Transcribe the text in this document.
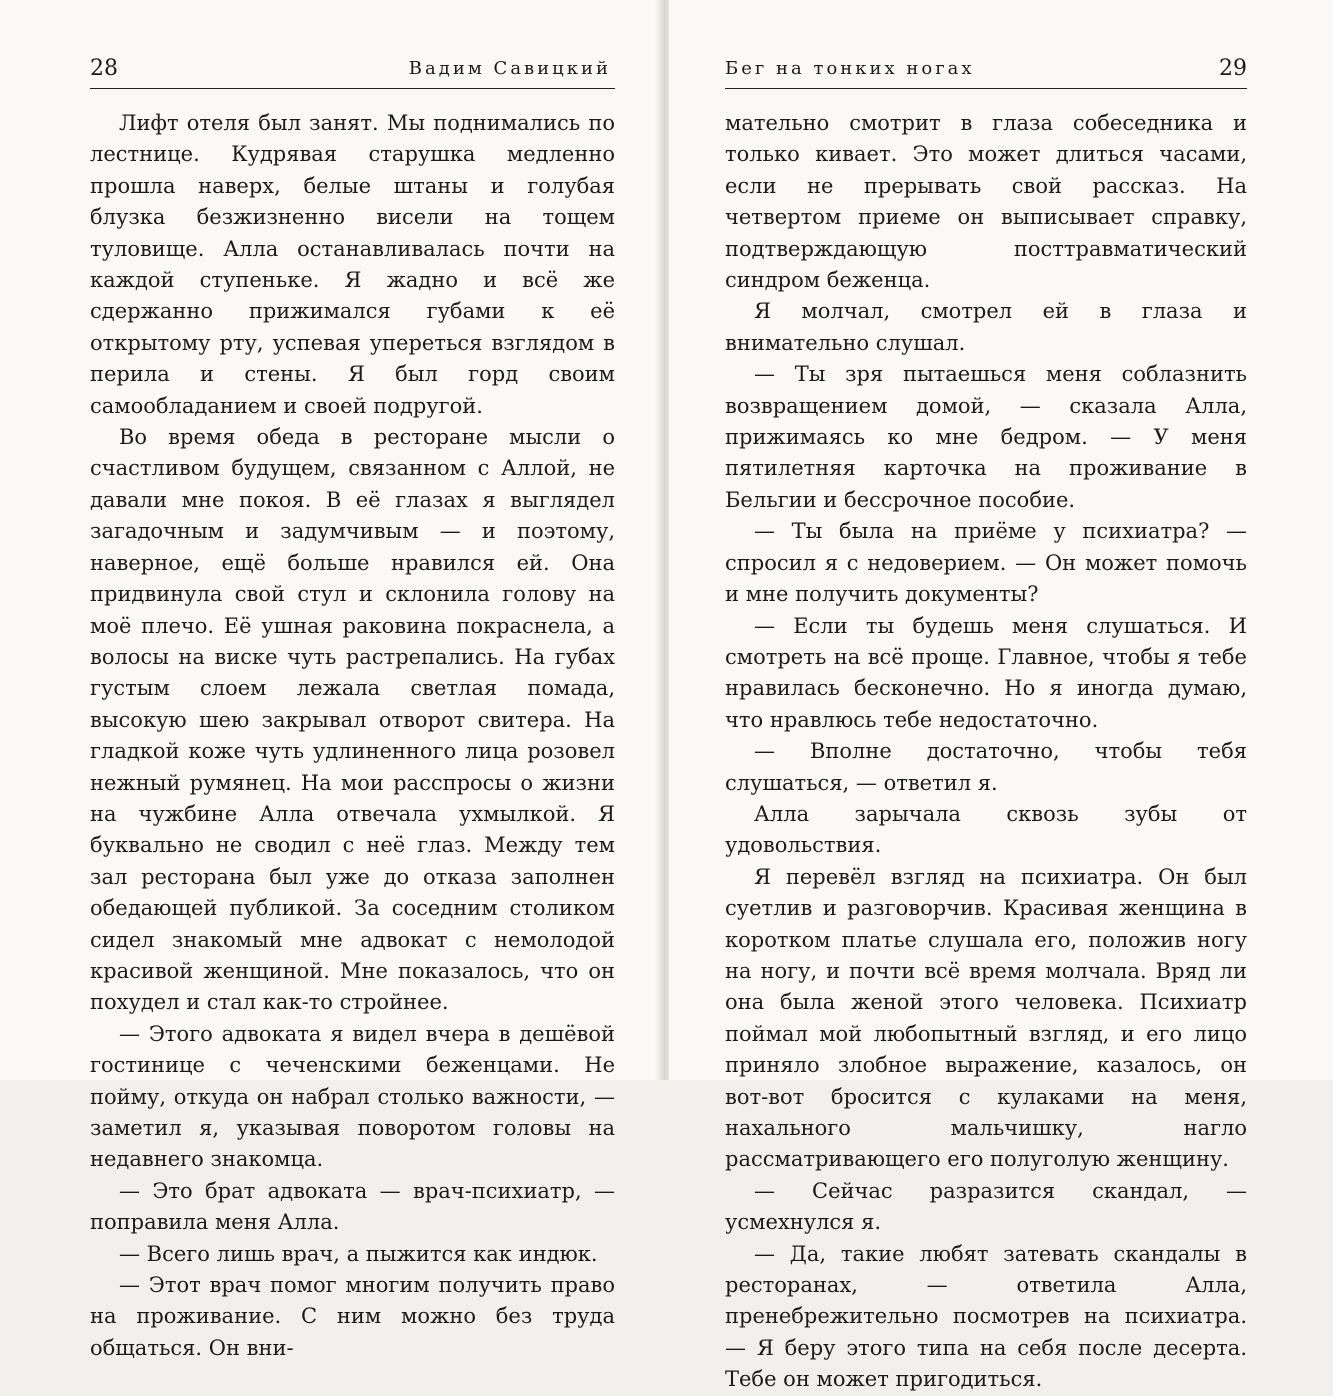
28	Вадим Савицкий

Лифт отеля был занят. Мы поднимались по лестнице. Кудрявая старушка медленно прошла наверх, белые штаны и голубая блузка безжизненно висели на тощем туловище. Алла останавливалась почти на каждой ступеньке. Я жадно и всё же сдержанно прижимался губами к её открытому рту, успевая упереться взглядом в перила и стены. Я был горд своим самообладанием и своей подругой.

Во время обеда в ресторане мысли о счастливом будущем, связанном с Аллой, не давали мне покоя. В её глазах я выглядел загадочным и задумчивым — и поэтому, наверное, ещё больше нравился ей. Она придвинула свой стул и склонила голову на моё плечо. Её ушная раковина покраснела, а волосы на виске чуть растрепались. На губах густым слоем лежала светлая помада, высокую шею закрывал отворот свитера. На гладкой коже чуть удлиненного лица розовел нежный румянец. На мои расспросы о жизни на чужбине Алла отвечала ухмылкой. Я буквально не сводил с неё глаз. Между тем зал ресторана был уже до отказа заполнен обедающей публикой. За соседним столиком сидел знакомый мне адвокат с немолодой красивой женщиной. Мне показалось, что он похудел и стал как-то стройнее.

— Этого адвоката я видел вчера в дешёвой гостинице с чеченскими беженцами. Не пойму, откуда он набрал столько важности, — заметил я, указывая поворотом головы на недавнего знакомца.

— Это брат адвоката — врач-психиатр, — поправила меня Алла.

— Всего лишь врач, а пыжится как индюк.

— Этот врач помог многим получить право на проживание. С ним можно без труда общаться. Он вни-

Бег на тонких ногах	29

мательно смотрит в глаза собеседника и только кивает. Это может длиться часами, если не прерывать свой рассказ. На четвертом приеме он выписывает справку, подтверждающую посттравматический синдром беженца.

Я молчал, смотрел ей в глаза и внимательно слушал.

— Ты зря пытаешься меня соблазнить возвращением домой, — сказала Алла, прижимаясь ко мне бедром. — У меня пятилетняя карточка на проживание в Бельгии и бессрочное пособие.

— Ты была на приёме у психиатра? — спросил я с недоверием. — Он может помочь и мне получить документы?

— Если ты будешь меня слушаться. И смотреть на всё проще. Главное, чтобы я тебе нравилась бесконечно. Но я иногда думаю, что нравлюсь тебе недостаточно.

— Вполне достаточно, чтобы тебя слушаться, — ответил я.

Алла зарычала сквозь зубы от удовольствия.

Я перевёл взгляд на психиатра. Он был суетлив и разговорчив. Красивая женщина в коротком платье слушала его, положив ногу на ногу, и почти всё время молчала. Вряд ли она была женой этого человека. Психиатр поймал мой любопытный взгляд, и его лицо приняло злобное выражение, казалось, он вот-вот бросится с кулаками на меня, нахального мальчишку, нагло рассматривающего его полуголую женщину.

— Сейчас разразится скандал, — усмехнулся я.

— Да, такие любят затевать скандалы в ресторанах, — ответила Алла, пренебрежительно посмотрев на психиатра. — Я беру этого типа на себя после десерта. Тебе он может пригодиться.
